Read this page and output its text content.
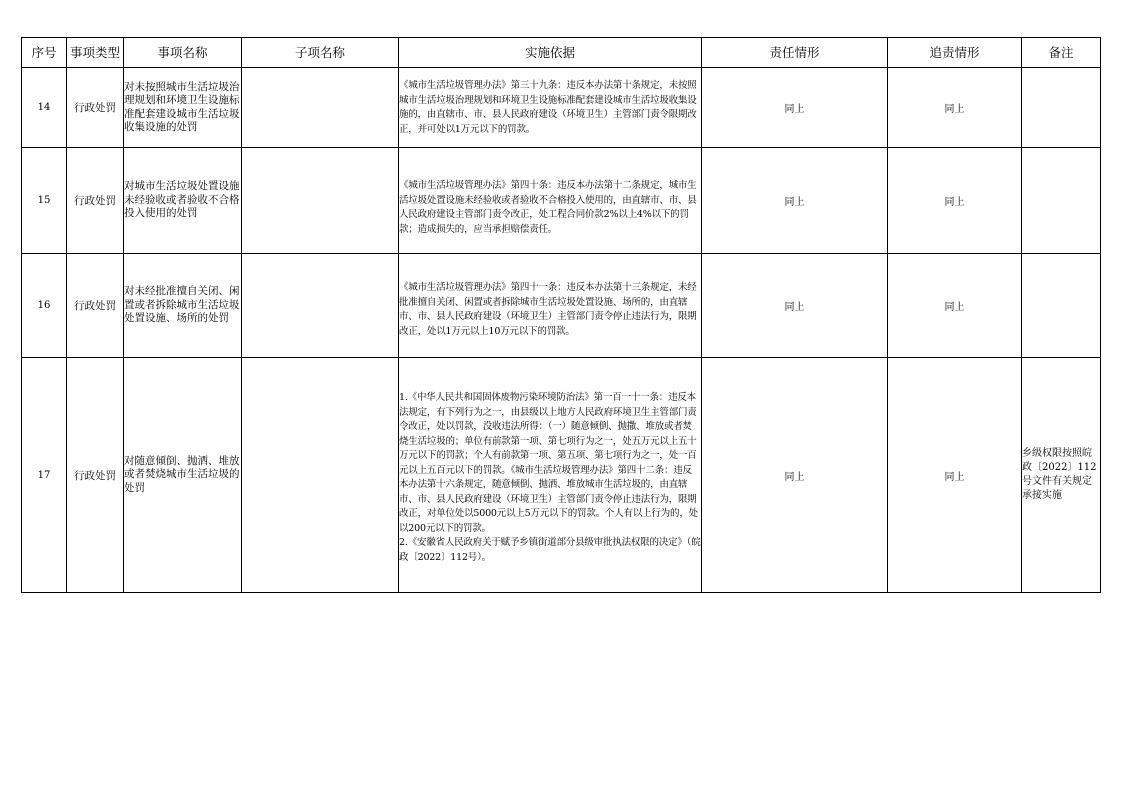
序号	事项类型	事项名称	子项名称	实施依据	责任情形	追责情形	备注
14	行政处罚	对未按照城市生活垃圾治理规划和环境卫生设施标准配套建设城市生活垃圾收集设施的处罚		《城市生活垃圾管理办法》第三十九条：违反本办法第十条规定，未按照城市生活垃圾治理规划和环境卫生设施标准配套建设城市生活垃圾收集设施的，由直辖市、市、县人民政府建设（环境卫生）主管部门责令限期改正，并可处以1万元以下的罚款。	同上	同上	
15	行政处罚	对城市生活垃圾处置设施未经验收或者验收不合格投入使用的处罚		《城市生活垃圾管理办法》第四十条：违反本办法第十二条规定，城市生活垃圾处置设施未经验收或者验收不合格投入使用的，由直辖市、市、县人民政府建设主管部门责令改正，处工程合同价款2%以上4%以下的罚款；造成损失的，应当承担赔偿责任。	同上	同上	
16	行政处罚	对未经批准擅自关闭、闲置或者拆除城市生活垃圾处置设施、场所的处罚		《城市生活垃圾管理办法》第四十一条：违反本办法第十三条规定，未经批准擅自关闭、闲置或者拆除城市生活垃圾处置设施、场所的，由直辖市、市、县人民政府建设（环境卫生）主管部门责令停止违法行为，限期改正，处以1万元以上10万元以下的罚款。	同上	同上	
17	行政处罚	对随意倾倒、抛洒、堆放或者焚烧城市生活垃圾的处罚		1.《中华人民共和国固体废物污染环境防治法》第一百一十一条：违反本法规定，有下列行为之一，由县级以上地方人民政府环境卫生主管部门责令改正，处以罚款，没收违法所得：（一）随意倾倒、抛撒、堆放或者焚烧生活垃圾的；单位有前款第一项、第七项行为之一，处五万元以上五十万元以下的罚款；个人有前款第一项、第五项、第七项行为之一，处一百元以上五百元以下的罚款。《城市生活垃圾管理办法》第四十二条：违反本办法第十六条规定，随意倾倒、抛洒、堆放城市生活垃圾的，由直辖市、市、县人民政府建设（环境卫生）主管部门责令停止违法行为，限期改正，对单位处以5000元以上5万元以下的罚款。个人有以上行为的，处以200元以下的罚款。
2.《安徽省人民政府关于赋予乡镇街道部分县级审批执法权限的决定》（皖政〔2022〕112号）。	同上	同上	乡级权限按照皖政〔2022〕112号文件有关规定承接实施
